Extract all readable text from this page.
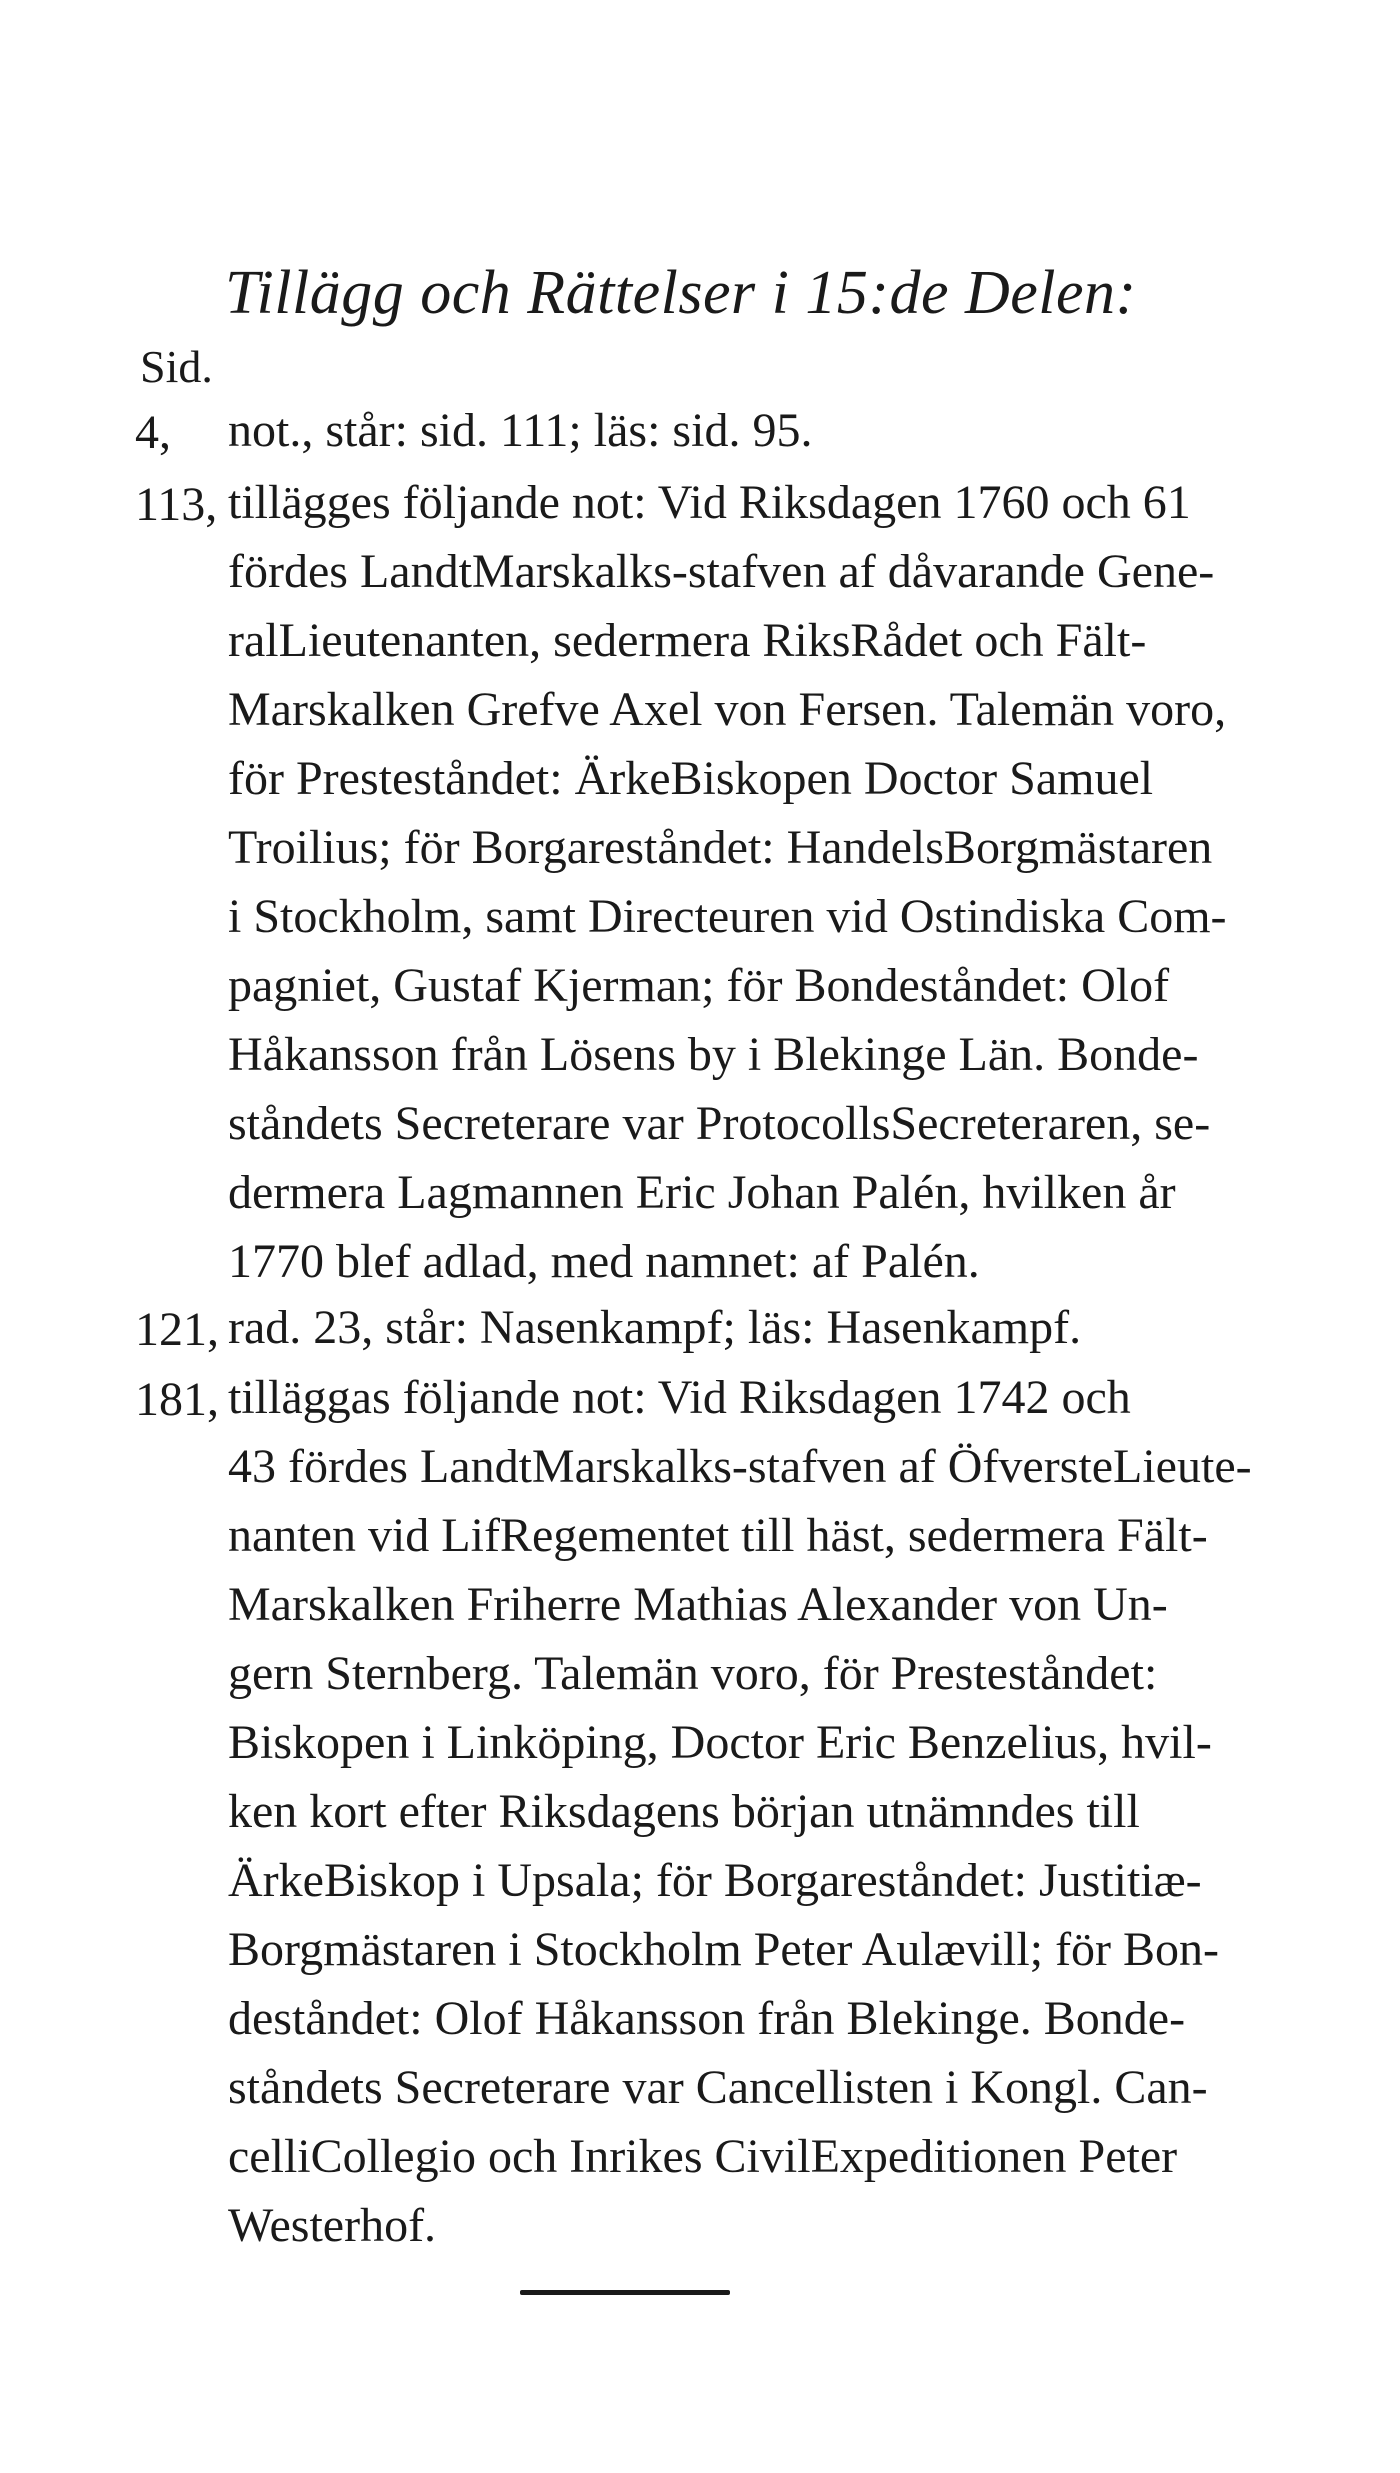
Tillägg och Rättelser i 15:de Delen:
Sid.
4, not., står: sid. 111; läs: sid. 95.
113, tillägges följande not: Vid Riksdagen 1760 och 61
fördes LandtMarskalks-stafven af dåvarande Gene-
ralLieutenanten, sedermera RiksRådet och Fält-
Marskalken Grefve Axel von Fersen. Talemän voro,
för Presteståndet: ÄrkeBiskopen Doctor Samuel
Troilius; för Borgareståndet: HandelsBorgmästaren
i Stockholm, samt Directeuren vid Ostindiska Com-
pagniet, Gustaf Kjerman; för Bondeståndet: Olof
Håkansson från Lösens by i Blekinge Län. Bonde-
ståndets Secreterare var ProtocollsSecreteraren, se-
dermera Lagmannen Eric Johan Palén, hvilken år
1770 blef adlad, med namnet: af Palén.
121, rad. 23, står: Nasenkampf; läs: Hasenkampf.
181, tilläggas följande not: Vid Riksdagen 1742 och
43 fördes LandtMarskalks-stafven af ÖfversteLieute-
nanten vid LifRegementet till häst, sedermera Fält-
Marskalken Friherre Mathias Alexander von Un-
gern Sternberg. Talemän voro, för Presteståndet:
Biskopen i Linköping, Doctor Eric Benzelius, hvil-
ken kort efter Riksdagens början utnämndes till
ÄrkeBiskop i Upsala; för Borgareståndet: Justitiæ-
Borgmästaren i Stockholm Peter Aulævill; för Bon-
deståndet: Olof Håkansson från Blekinge. Bonde-
ståndets Secreterare var Cancellisten i Kongl. Can-
celliCollegio och Inrikes CivilExpeditionen Peter
Westerhof.
